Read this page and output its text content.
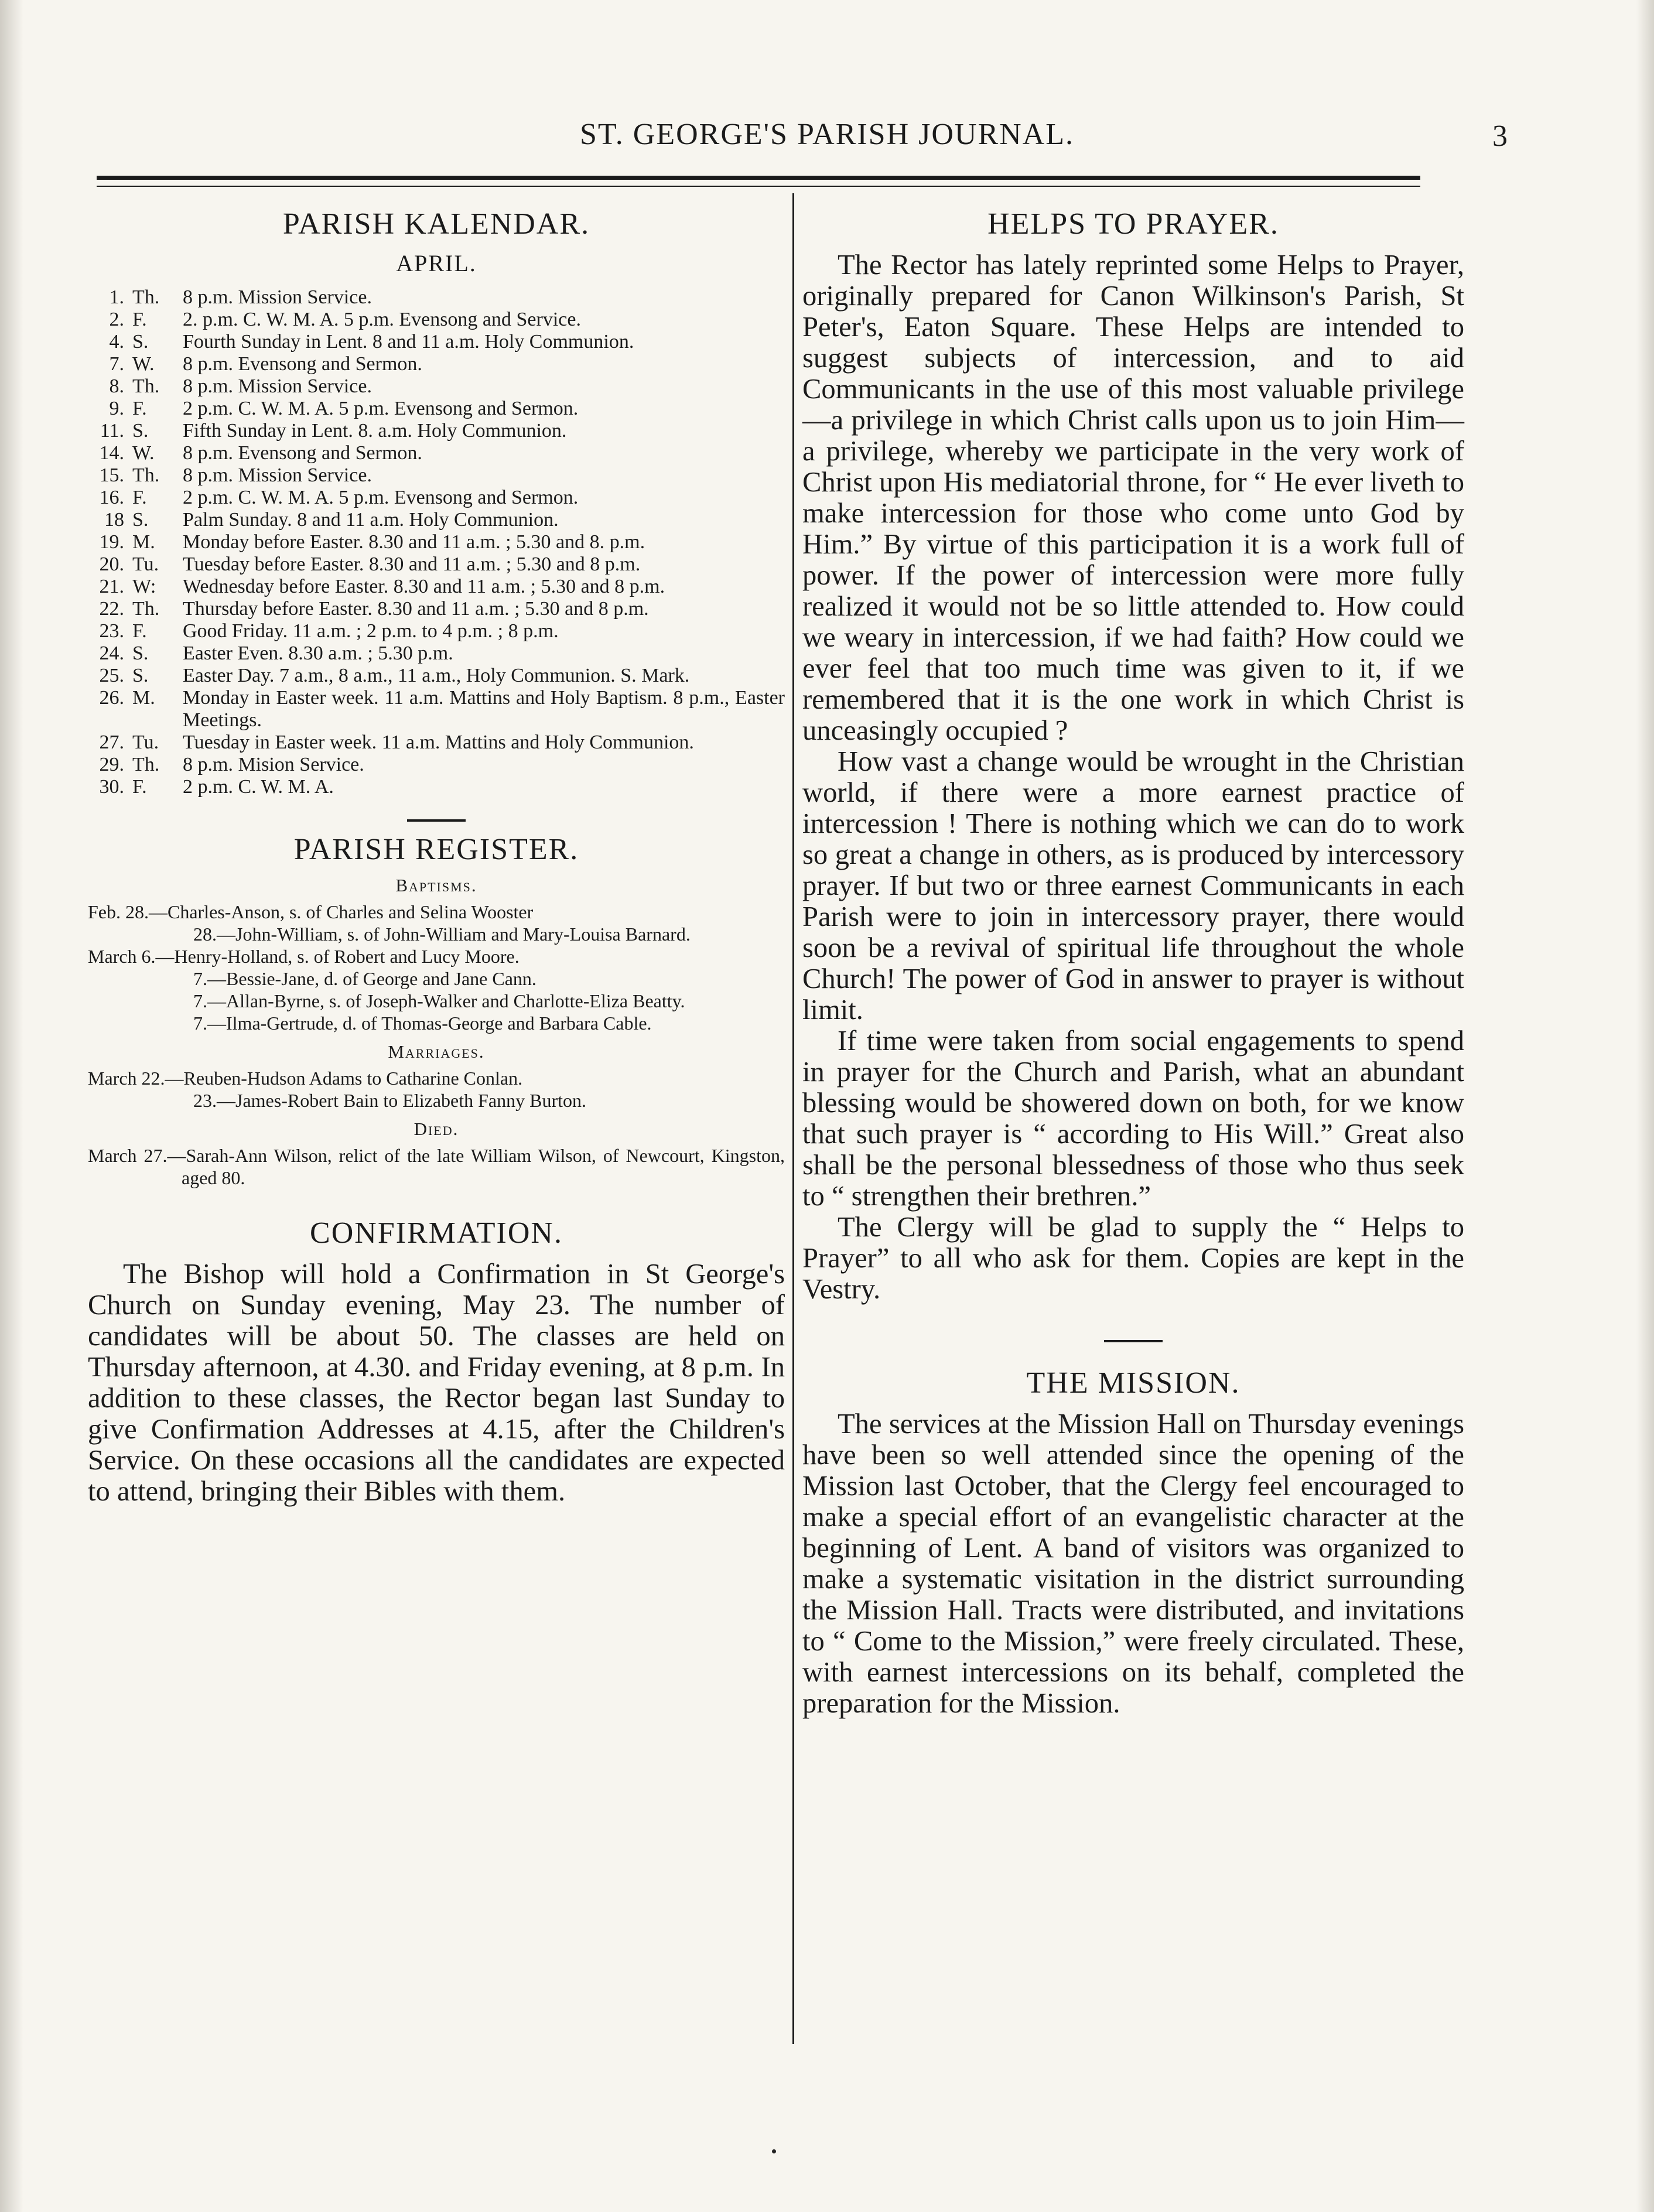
ST. GEORGE'S PARISH JOURNAL.	3
PARISH KALENDAR.
APRIL.
1. Th.	8 p.m. Mission Service.
2. F.	2. p.m. C. W. M. A. 5 p.m. Evensong and Service.
4. S.	Fourth Sunday in Lent. 8 and 11 a.m. Holy Communion.
7. W.	8 p.m. Evensong and Sermon.
8. Th.	8 p.m. Mission Service.
9. F.	2 p.m. C. W. M. A. 5 p.m. Evensong and Sermon.
11. S.	Fifth Sunday in Lent. 8. a.m. Holy Communion.
14. W.	8 p.m. Evensong and Sermon.
15. Th.	8 p.m. Mission Service.
16. F.	2 p.m. C. W. M. A. 5 p.m. Evensong and Sermon.
18 S.	Palm Sunday. 8 and 11 a.m. Holy Communion.
19. M.	Monday before Easter. 8.30 and 11 a.m. ; 5.30 and 8. p.m.
20. Tu.	Tuesday before Easter. 8.30 and 11 a.m. ; 5.30 and 8 p.m.
21. W:	Wednesday before Easter. 8.30 and 11 a.m. ; 5.30 and 8 p.m.
22. Th.	Thursday before Easter. 8.30 and 11 a.m. ; 5.30 and 8 p.m.
23. F.	Good Friday. 11 a.m. ; 2 p.m. to 4 p.m. ; 8 p.m.
24. S.	Easter Even. 8.30 a.m. ; 5.30 p.m.
25. S.	Easter Day. 7 a.m., 8 a.m., 11 a.m., Holy Communion. S. Mark.
26. M.	Monday in Easter week. 11 a.m. Mattins and Holy Baptism. 8 p.m., Easter Meetings.
27. Tu.	Tuesday in Easter week. 11 a.m. Mattins and Holy Communion.
29. Th.	8 p.m. Mision Service.
30. F.	2 p.m. C. W. M. A.
PARISH REGISTER.
Baptisms.
Feb. 28.—Charles-Anson, s. of Charles and Selina Wooster
28.—John-William, s. of John-William and Mary-Louisa Barnard.
March 6.—Henry-Holland, s. of Robert and Lucy Moore.
7.—Bessie-Jane, d. of George and Jane Cann.
7.—Allan-Byrne, s. of Joseph-Walker and Charlotte-Eliza Beatty.
7.—Ilma-Gertrude, d. of Thomas-George and Barbara Cable.
Marriages.
March 22.—Reuben-Hudson Adams to Catharine Conlan.
23.—James-Robert Bain to Elizabeth Fanny Burton.
Died.
March 27.—Sarah-Ann Wilson, relict of the late William Wilson, of Newcourt, Kingston, aged 80.
CONFIRMATION.

The Bishop will hold a Confirmation in St George's Church on Sunday evening, May 23. The number of candidates will be about 50. The classes are held on Thursday afternoon, at 4.30. and Friday evening, at 8 p.m. In addition to these classes, the Rector began last Sunday to give Confirmation Addresses at 4.15, after the Children's Service. On these occasions all the candidates are expected to attend, bringing their Bibles with them.

HELPS TO PRAYER.

The Rector has lately reprinted some Helps to Prayer, originally prepared for Canon Wilkinson's Parish, St Peter's, Eaton Square. These Helps are intended to suggest subjects of intercession, and to aid Communicants in the use of this most valuable privilege—a privilege in which Christ calls upon us to join Him—a privilege, whereby we participate in the very work of Christ upon His mediatorial throne, for “ He ever liveth to make intercession for those who come unto God by Him.” By virtue of this participation it is a work full of power. If the power of intercession were more fully realized it would not be so little attended to. How could we weary in intercession, if we had faith? How could we ever feel that too much time was given to it, if we remembered that it is the one work in which Christ is unceasingly occupied ?

How vast a change would be wrought in the Christian world, if there were a more earnest practice of intercession ! There is nothing which we can do to work so great a change in others, as is produced by intercessory prayer. If but two or three earnest Communicants in each Parish were to join in intercessory prayer, there would soon be a revival of spiritual life throughout the whole Church! The power of God in answer to prayer is without limit.

If time were taken from social engagements to spend in prayer for the Church and Parish, what an abundant blessing would be showered down on both, for we know that such prayer is “ according to His Will.” Great also shall be the personal blessedness of those who thus seek to “ strengthen their brethren.”

The Clergy will be glad to supply the “ Helps to Prayer” to all who ask for them. Copies are kept in the Vestry.

THE MISSION.

The services at the Mission Hall on Thursday evenings have been so well attended since the opening of the Mission last October, that the Clergy feel encouraged to make a special effort of an evangelistic character at the beginning of Lent. A band of visitors was organized to make a systematic visitation in the district surrounding the Mission Hall. Tracts were distributed, and invitations to “ Come to the Mission,” were freely circulated. These, with earnest intercessions on its behalf, completed the preparation for the Mission.
